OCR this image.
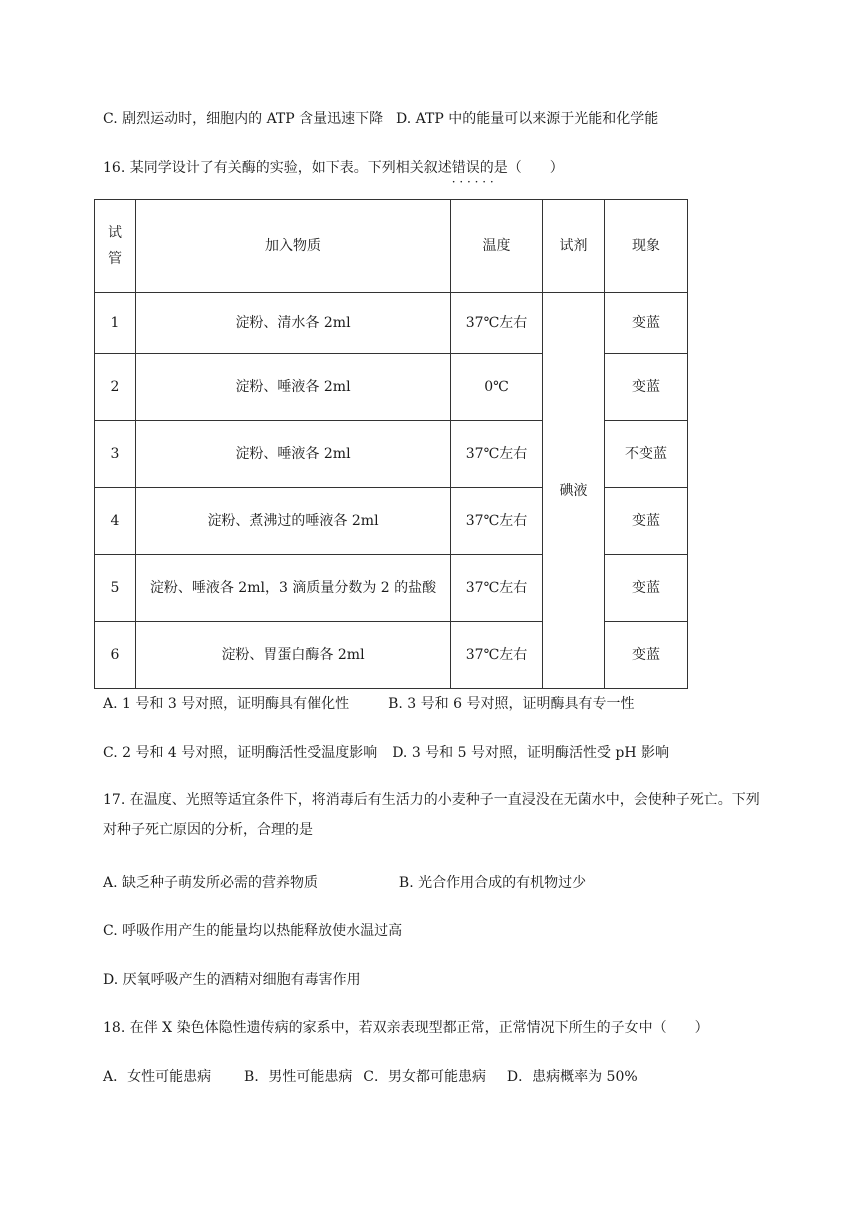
C. 剧烈运动时，细胞内的 ATP 含量迅速下降 D. ATP 中的能量可以来源于光能和化学能
16. 某同学设计了有关酶的实验，如下表。下列相关叙述错误的是 · · ·（　　）
试
管	加入物质	温度	试剂	现象
1	淀粉、清水各 2ml	37℃左右	碘液	变蓝
2	淀粉、唾液各 2ml	0℃		变蓝
3	淀粉、唾液各 2ml	37℃左右		不变蓝
4	淀粉、煮沸过的唾液各 2ml	37℃左右		变蓝
5	淀粉、唾液各 2ml，3 滴质量分数为 2 的盐酸	37℃左右		变蓝
6	淀粉、胃蛋白酶各 2ml	37℃左右		变蓝
A. 1 号和 3 号对照，证明酶具有催化性	B. 3 号和 6 号对照，证明酶具有专一性
C. 2 号和 4 号对照，证明酶活性受温度影响 D. 3 号和 5 号对照，证明酶活性受 pH 影响
17. 在温度、光照等适宜条件下，将消毒后有生活力的小麦种子一直浸没在无菌水中，会使种子死亡。下列对种子死亡原因的分析，合理的是
A. 缺乏种子萌发所必需的营养物质	B. 光合作用合成的有机物过少
C. 呼吸作用产生的能量均以热能释放使水温过高
D. 厌氧呼吸产生的酒精对细胞有毒害作用
18. 在伴 X 染色体隐性遗传病的家系中，若双亲表现型都正常，正常情况下所生的子女中（　　）
A．女性可能患病 B．男性可能患病 C．男女都可能患病 D．患病概率为 50%
